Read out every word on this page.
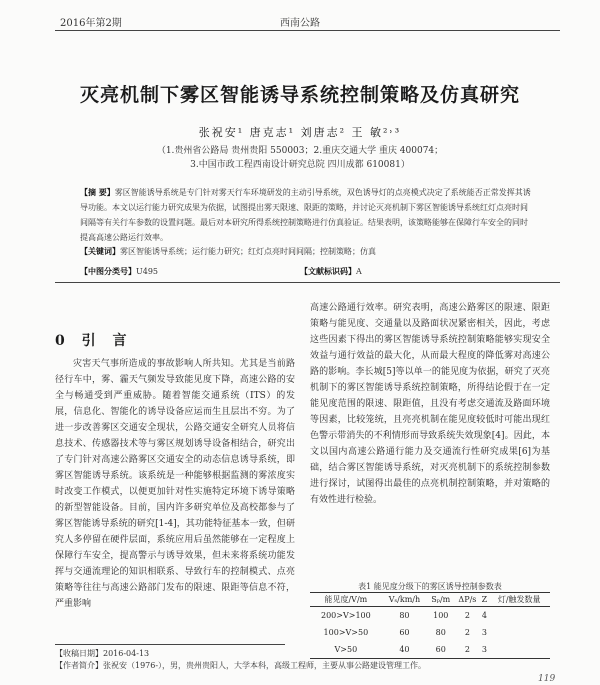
2016年第2期	西南公路
灭亮机制下雾区智能诱导系统控制策略及仿真研究
张祝安¹ 唐克志¹ 刘唐志² 王 敏²˒³
（1.贵州省公路局 贵州贵阳 550003；2.重庆交通大学 重庆 400074；
3.中国市政工程西南设计研究总院 四川成都 610081）
【摘 要】雾区智能诱导系统是专门针对雾天行车环境研发的主动引导系统，双色诱导灯的点亮模式决定了系统能否正常发挥其诱导功能。本文以运行能力研究成果为依据，试图提出雾天限速、限距的策略，并讨论灭亮机制下雾区智能诱导系统红灯点亮时间间隔等有关行车参数的设置问题。最后对本研究所得系统控制策略进行仿真验证。结果表明，该策略能够在保障行车安全的同时提高高速公路运行效率。
【关键词】雾区智能诱导系统；运行能力研究；红灯点亮时间间隔；控制策略；仿真
【中图分类号】U495	【文献标识码】A
0 引 言

灾害天气事所造成的事故影响人所共知。尤其是当前路径行车中，雾、霾天气频发导致能见度下降，高速公路的安全与畅通受到严重威胁。随着智能交通系统（ITS）的发展，信息化、智能化的诱导设备应运而生且层出不穷。为了进一步改善雾区交通安全现状，公路交通安全研究人员将信息技术、传感器技术等与雾区规划诱导设备相结合，研究出了专门针对高速公路雾区交通安全的动态信息诱导系统，即雾区智能诱导系统。该系统是一种能够根据监测的雾浓度实时改变工作模式，以便更加针对性实施特定环境下诱导策略的新型智能设备。目前，国内许多研究单位及高校都参与了雾区智能诱导系统的研究[1-4]，其功能特征基本一致，但研究人多停留在硬件层面，系统应用后虽然能够在一定程度上保障行车安全，提高警示与诱导效果，但未来将系统功能发挥与交通流理论的知识相联系、导致行车的控制模式、点亮策略等往往与高速公路部门发布的限速、限距等信息不符，严重影响

高速公路通行效率。研究表明，高速公路雾区的限速、限距策略与能见度、交通量以及路面状况紧密相关，因此，考虑这些因素下得出的雾区智能诱导系统控制策略能够实现安全效益与通行效益的最大化，从而最大程度的降低雾对高速公路的影响。李长城[5]等以单一的能见度为依据，研究了灭亮机制下的雾区智能诱导系统控制策略，所得结论假于在一定能见度范围的限速、限距值，且没有考虑交通流及路面环境等因素，比较笼统，且亮亮机制在能见度较低时可能出现红色警示带消失的不利情形而导致系统失效现象[4]。因此，本文以国内高速公路通行能力及交通流行性研究成果[6]为基础，结合雾区智能诱导系统，对灭亮机制下的系统控制参数进行探讨，试图得出最佳的点亮机制控制策略，并对策略的有效性进行检验。

表1 能见度分级下的雾区诱导控制参数表
能见度/V/m	Vₛ/km/h	Sₚ/m	ΔP/s	Z	灯/触发数量
200>V>100	80	100	2	4	
100>V>50	60	80	2	3	
V>50	40	60	2	3	
【收稿日期】2016-04-13
【作者简介】张祝安（1976-），男，贵州贵阳人，大学本科，高级工程师，主要从事公路建设管理工作。
119
